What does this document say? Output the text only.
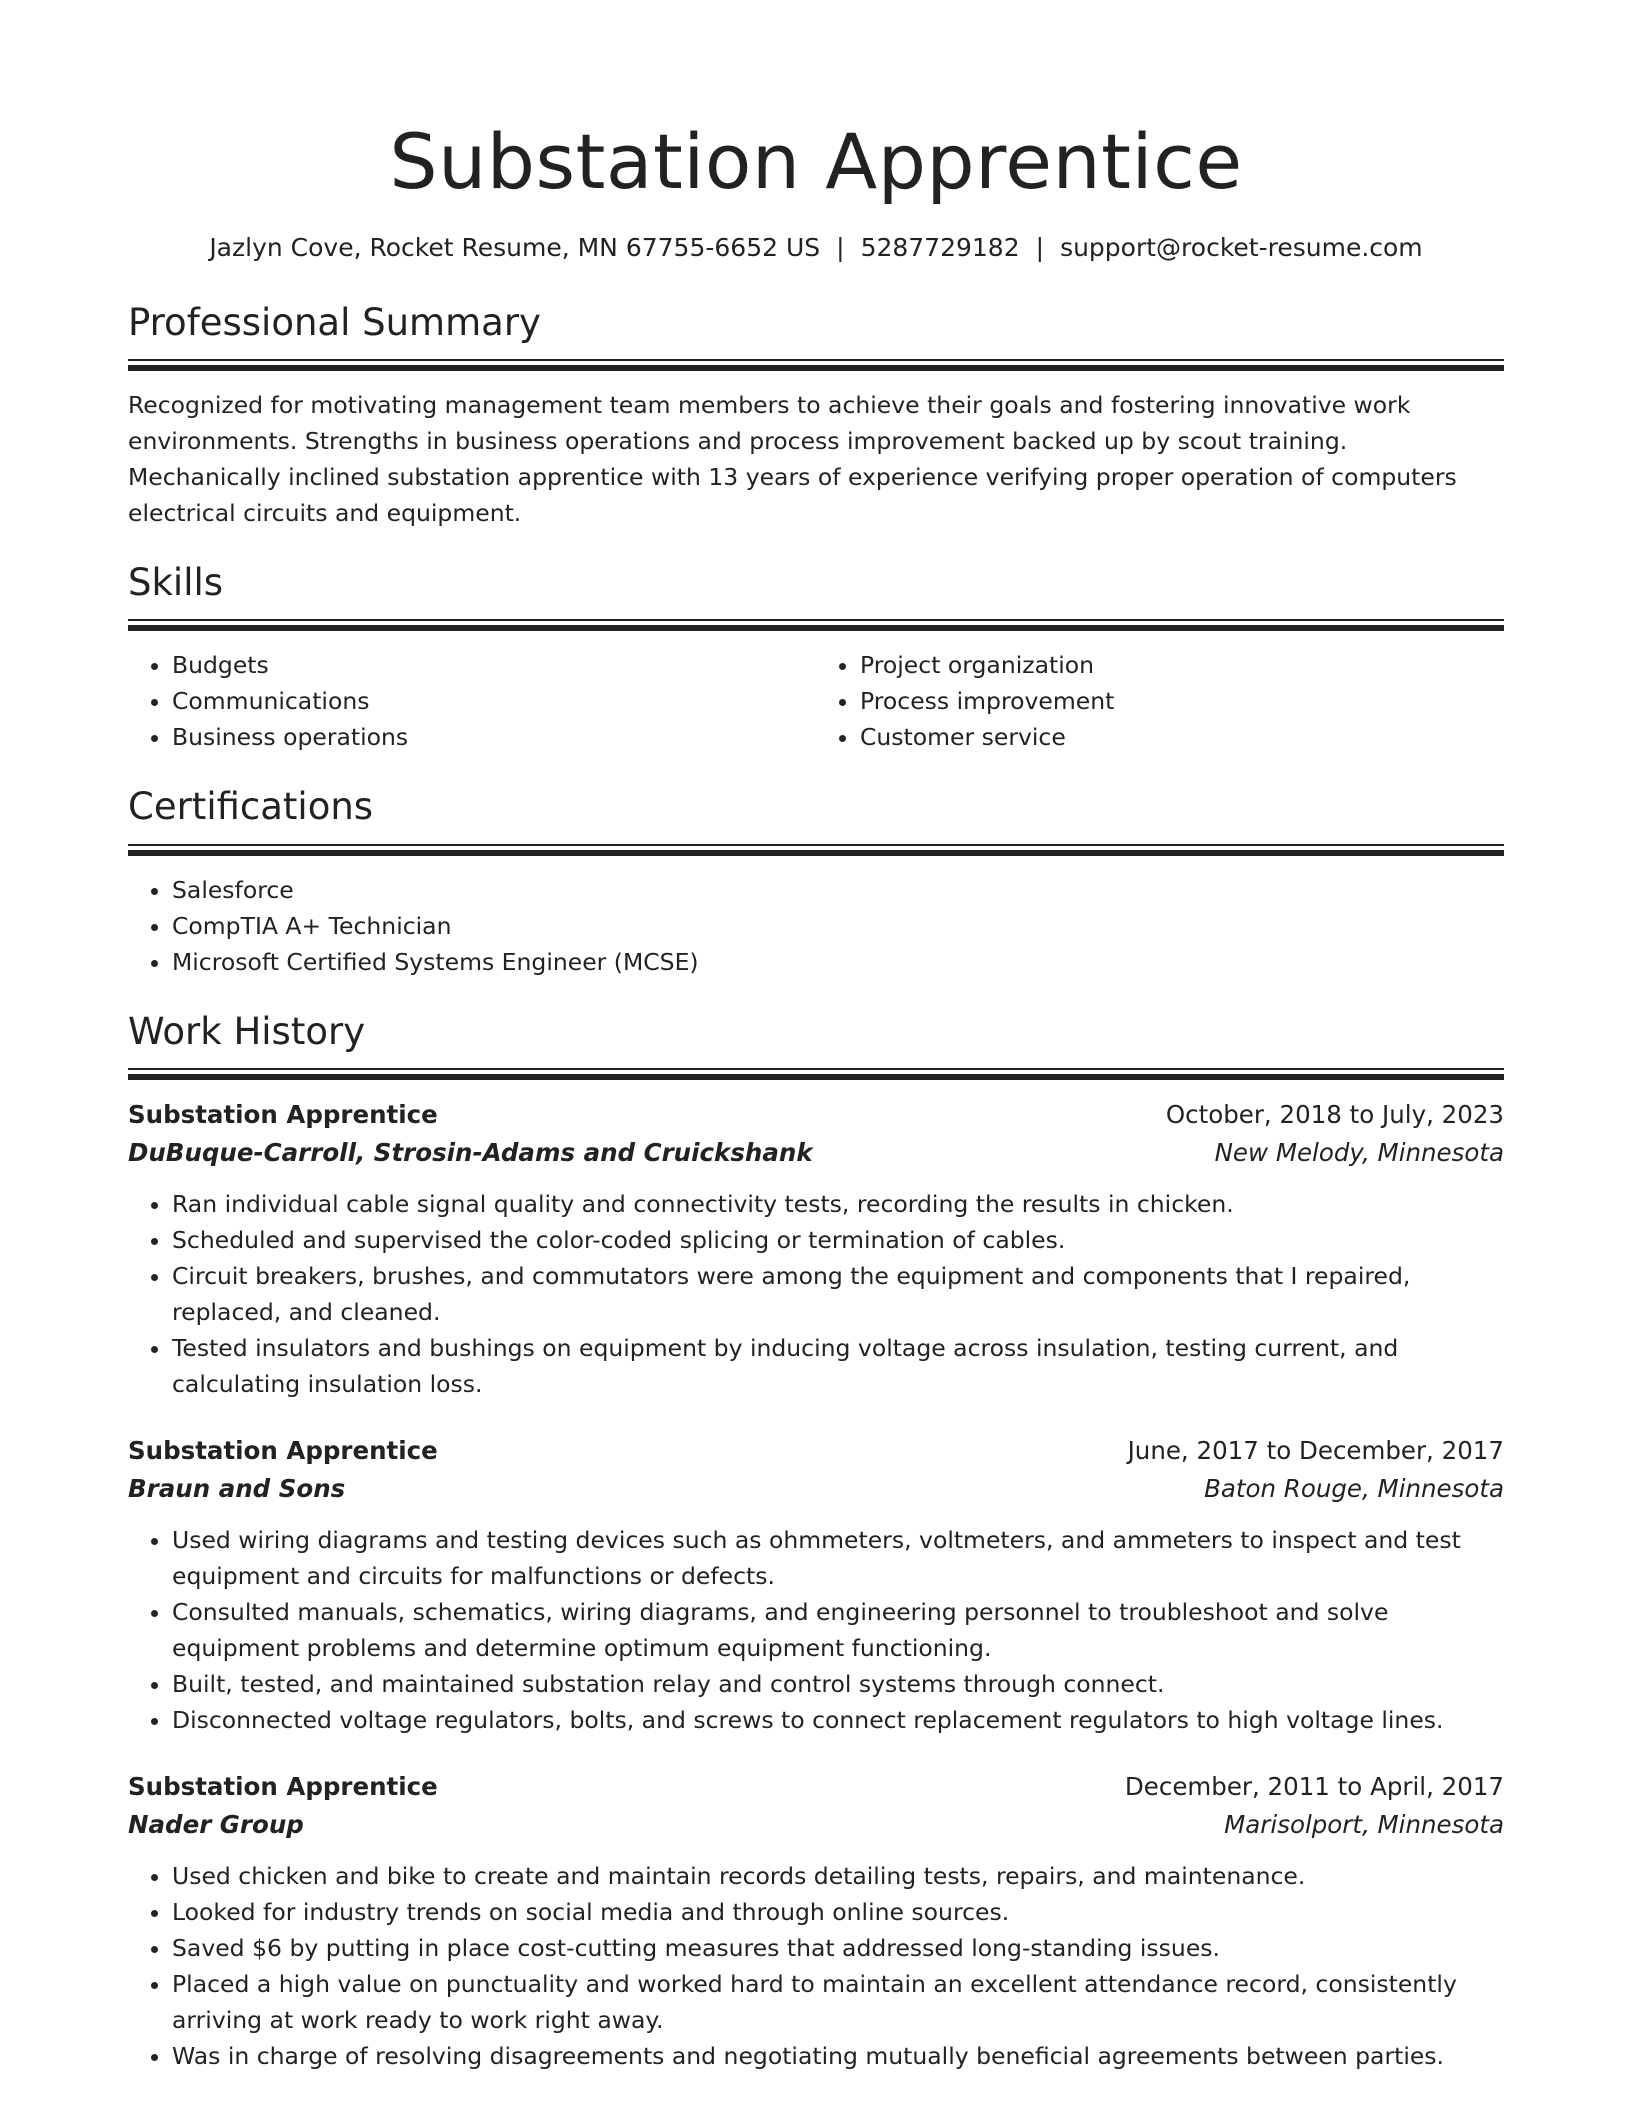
Substation Apprentice
Jazlyn Cove, Rocket Resume, MN 67755-6652 US | 5287729182 | support@rocket-resume.com
Professional Summary

Recognized for motivating management team members to achieve their goals and fostering innovative work environments. Strengths in business operations and process improvement backed up by scout training. Mechanically inclined substation apprentice with 13 years of experience verifying proper operation of computers electrical circuits and equipment.

Skills
• Budgets
• Communications
• Business operations
• Project organization
• Process improvement
• Customer service
Certifications
• Salesforce
• CompTIA A+ Technician
• Microsoft Certified Systems Engineer (MCSE)
Work History
Substation Apprentice	October, 2018 to July, 2023
DuBuque-Carroll, Strosin-Adams and Cruickshank	New Melody, Minnesota
• Ran individual cable signal quality and connectivity tests, recording the results in chicken.
• Scheduled and supervised the color-coded splicing or termination of cables.
• Circuit breakers, brushes, and commutators were among the equipment and components that I repaired, replaced, and cleaned.
• Tested insulators and bushings on equipment by inducing voltage across insulation, testing current, and calculating insulation loss.
Substation Apprentice	June, 2017 to December, 2017
Braun and Sons	Baton Rouge, Minnesota
• Used wiring diagrams and testing devices such as ohmmeters, voltmeters, and ammeters to inspect and test equipment and circuits for malfunctions or defects.
• Consulted manuals, schematics, wiring diagrams, and engineering personnel to troubleshoot and solve equipment problems and determine optimum equipment functioning.
• Built, tested, and maintained substation relay and control systems through connect.
• Disconnected voltage regulators, bolts, and screws to connect replacement regulators to high voltage lines.
Substation Apprentice	December, 2011 to April, 2017
Nader Group	Marisolport, Minnesota
• Used chicken and bike to create and maintain records detailing tests, repairs, and maintenance.
• Looked for industry trends on social media and through online sources.
• Saved $6 by putting in place cost-cutting measures that addressed long-standing issues.
• Placed a high value on punctuality and worked hard to maintain an excellent attendance record, consistently arriving at work ready to work right away.
• Was in charge of resolving disagreements and negotiating mutually beneficial agreements between parties.
